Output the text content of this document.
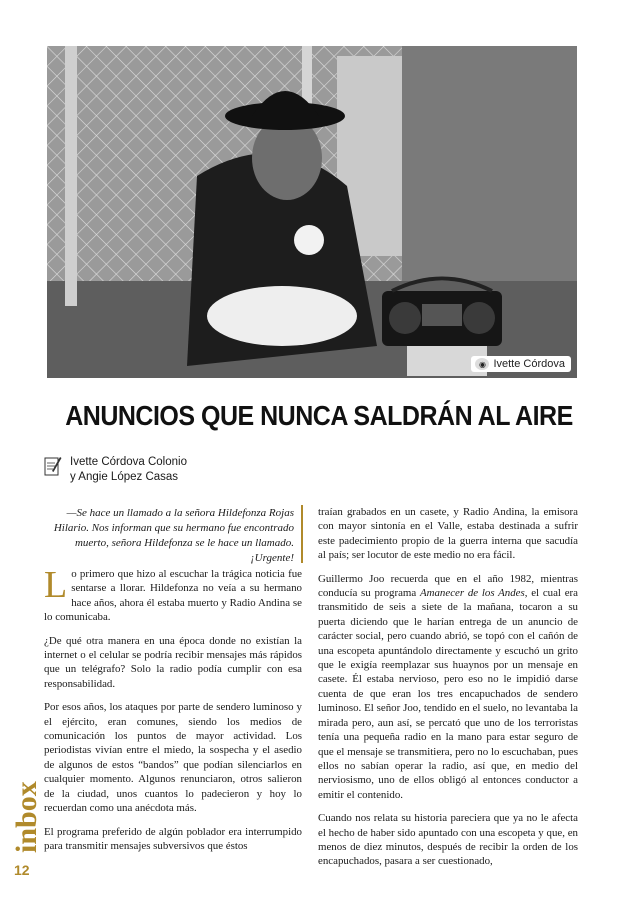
◉ Ivette Córdova
ANUNCIOS QUE NUNCA SALDRÁN AL AIRE
Ivette Córdova Colonio
y Angie López Casas
—Se hace un llamado a la señora Hildefonza Rojas Hilario. Nos informan que su hermano fue encontrado muerto, señora Hildefonza se le hace un llamado. ¡Urgente!

Lo primero que hizo al escuchar la trágica noticia fue sentarse a llorar. Hildefonza no veía a su hermano hace años, ahora él estaba muerto y Radio Andina se lo comunicaba.

¿De qué otra manera en una época donde no existían la internet o el celular se podría recibir mensajes más rápidos que un telégrafo? Solo la radio podía cumplir con esa responsabilidad.

Por esos años, los ataques por parte de sendero luminoso y el ejército, eran comunes, siendo los medios de comunicación los puntos de mayor actividad. Los periodistas vivían entre el miedo, la sospecha y el asedio de algunos de estos “bandos” que podían silenciarlos en cualquier momento. Algunos renunciaron, otros salieron de la ciudad, unos cuantos lo padecieron y hoy lo recuerdan como una anécdota más.

El programa preferido de algún poblador era interrumpido para transmitir mensajes subversivos que éstos

traían grabados en un casete, y Radio Andina, la emisora con mayor sintonía en el Valle, estaba destinada a sufrir este padecimiento propio de la guerra interna que sacudía al país; ser locutor de este medio no era fácil.

Guillermo Joo recuerda que en el año 1982, mientras conducía su programa Amanecer de los Andes, el cual era transmitido de seis a siete de la mañana, tocaron a su puerta diciendo que le harían entrega de un anuncio de carácter social, pero cuando abrió, se topó con el cañón de una escopeta apuntándolo directamente y escuchó un grito que le exigía reemplazar sus huaynos por un mensaje en casete. Él estaba nervioso, pero eso no le impidió darse cuenta de que eran los tres encapuchados de sendero luminoso. El señor Joo, tendido en el suelo, no levantaba la mirada pero, aun así, se percató que uno de los terroristas tenía una pequeña radio en la mano para estar seguro de que el mensaje se transmitiera, pero no lo escuchaban, pues ellos no sabían operar la radio, así que, en medio del nerviosismo, uno de ellos obligó al entonces conductor a emitir el contenido.

Cuando nos relata su historia pareciera que ya no le afecta el hecho de haber sido apuntado con una escopeta y que, en menos de diez minutos, después de recibir la orden de los encapuchados, pasara a ser cuestionado,

inbox
12
